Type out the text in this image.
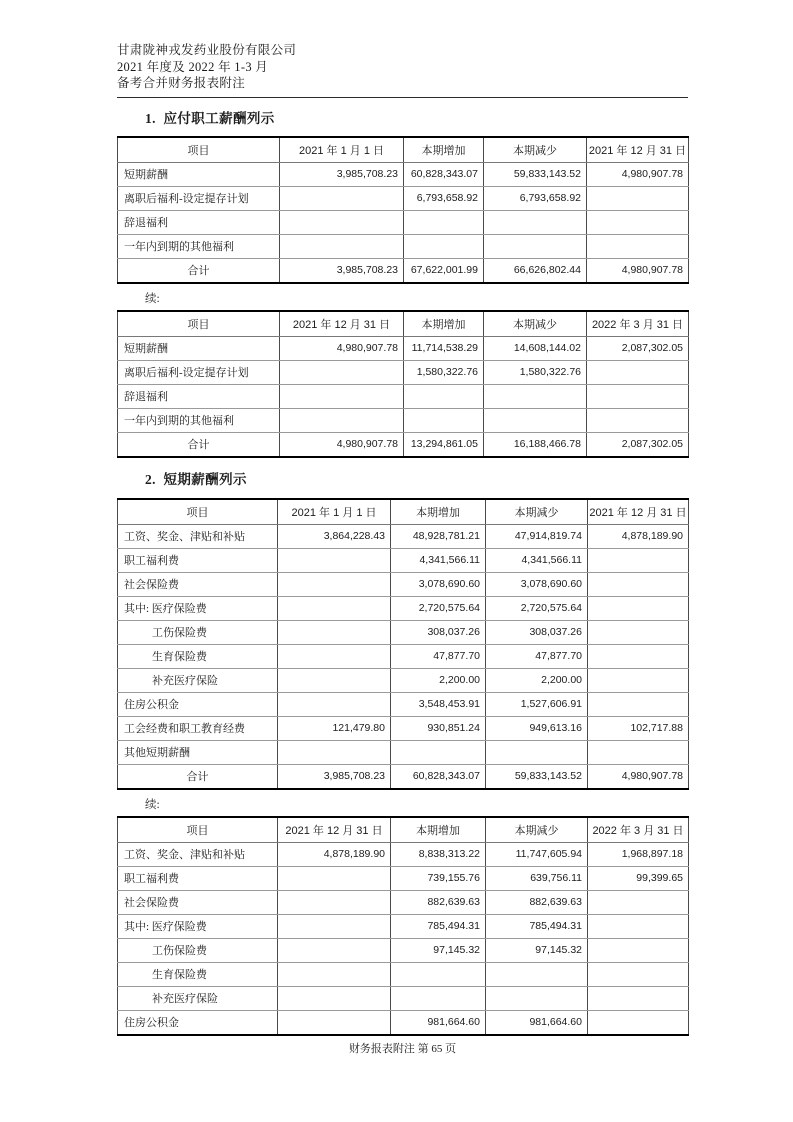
甘肃陇神戎发药业股份有限公司

2021 年度及 2022 年 1-3 月

备考合并财务报表附注

1.  应付职工薪酬列示
项目	2021 年 1 月 1 日	本期增加	本期减少	2021 年 12 月 31 日
短期薪酬	3,985,708.23	60,828,343.07	59,833,143.52	4,980,907.78
离职后福利-设定提存计划		6,793,658.92	6,793,658.92	
辞退福利				
一年内到期的其他福利				
合计	3,985,708.23	67,622,001.99	66,626,802.44	4,980,907.78
续:
项目	2021 年 12 月 31 日	本期增加	本期减少	2022 年 3 月 31 日
短期薪酬	4,980,907.78	11,714,538.29	14,608,144.02	2,087,302.05
离职后福利-设定提存计划		1,580,322.76	1,580,322.76	
辞退福利				
一年内到期的其他福利				
合计	4,980,907.78	13,294,861.05	16,188,466.78	2,087,302.05
2.  短期薪酬列示
项目	2021 年 1 月 1 日	本期增加	本期减少	2021 年 12 月 31 日
工资、奖金、津贴和补贴	3,864,228.43	48,928,781.21	47,914,819.74	4,878,189.90
职工福利费		4,341,566.11	4,341,566.11	
社会保险费		3,078,690.60	3,078,690.60	
其中: 医疗保险费		2,720,575.64	2,720,575.64	
工伤保险费		308,037.26	308,037.26	
生育保险费		47,877.70	47,877.70	
补充医疗保险		2,200.00	2,200.00	
住房公积金		3,548,453.91	1,527,606.91	
工会经费和职工教育经费	121,479.80	930,851.24	949,613.16	102,717.88
其他短期薪酬				
合计	3,985,708.23	60,828,343.07	59,833,143.52	4,980,907.78
续:
项目	2021 年 12 月 31 日	本期增加	本期减少	2022 年 3 月 31 日
工资、奖金、津贴和补贴	4,878,189.90	8,838,313.22	11,747,605.94	1,968,897.18
职工福利费		739,155.76	639,756.11	99,399.65
社会保险费		882,639.63	882,639.63	
其中: 医疗保险费		785,494.31	785,494.31	
工伤保险费		97,145.32	97,145.32	
生育保险费				
补充医疗保险				
住房公积金		981,664.60	981,664.60	
财务报表附注 第 65 页
